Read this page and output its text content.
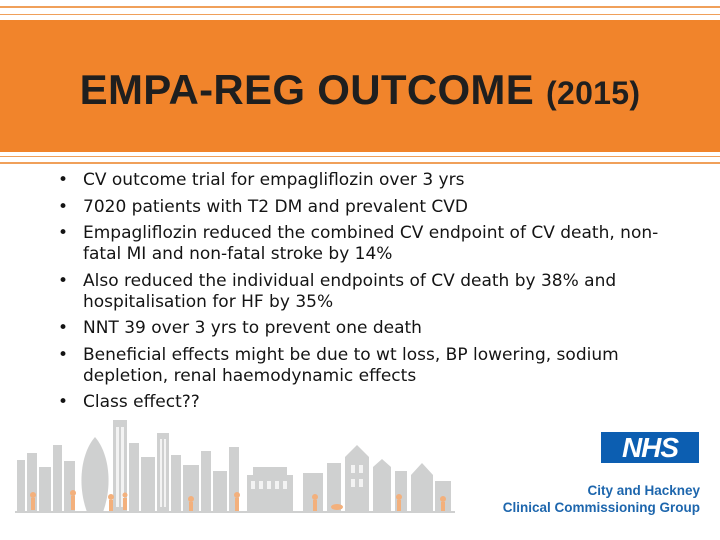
EMPA-REG OUTCOME (2015)
• CV outcome trial for empagliflozin over 3 yrs
• 7020 patients with T2 DM and prevalent CVD
• Empagliflozin reduced the combined CV endpoint of CV death, non-fatal MI and non-fatal stroke by 14%
• Also reduced the individual endpoints of CV death by 38% and hospitalisation for HF by 35%
• NNT 39 over 3 yrs to prevent one death
• Beneficial effects might be due to wt loss, BP lowering, sodium depletion, renal haemodynamic effects
• Class effect??
NHS
City and Hackney
Clinical Commissioning Group
